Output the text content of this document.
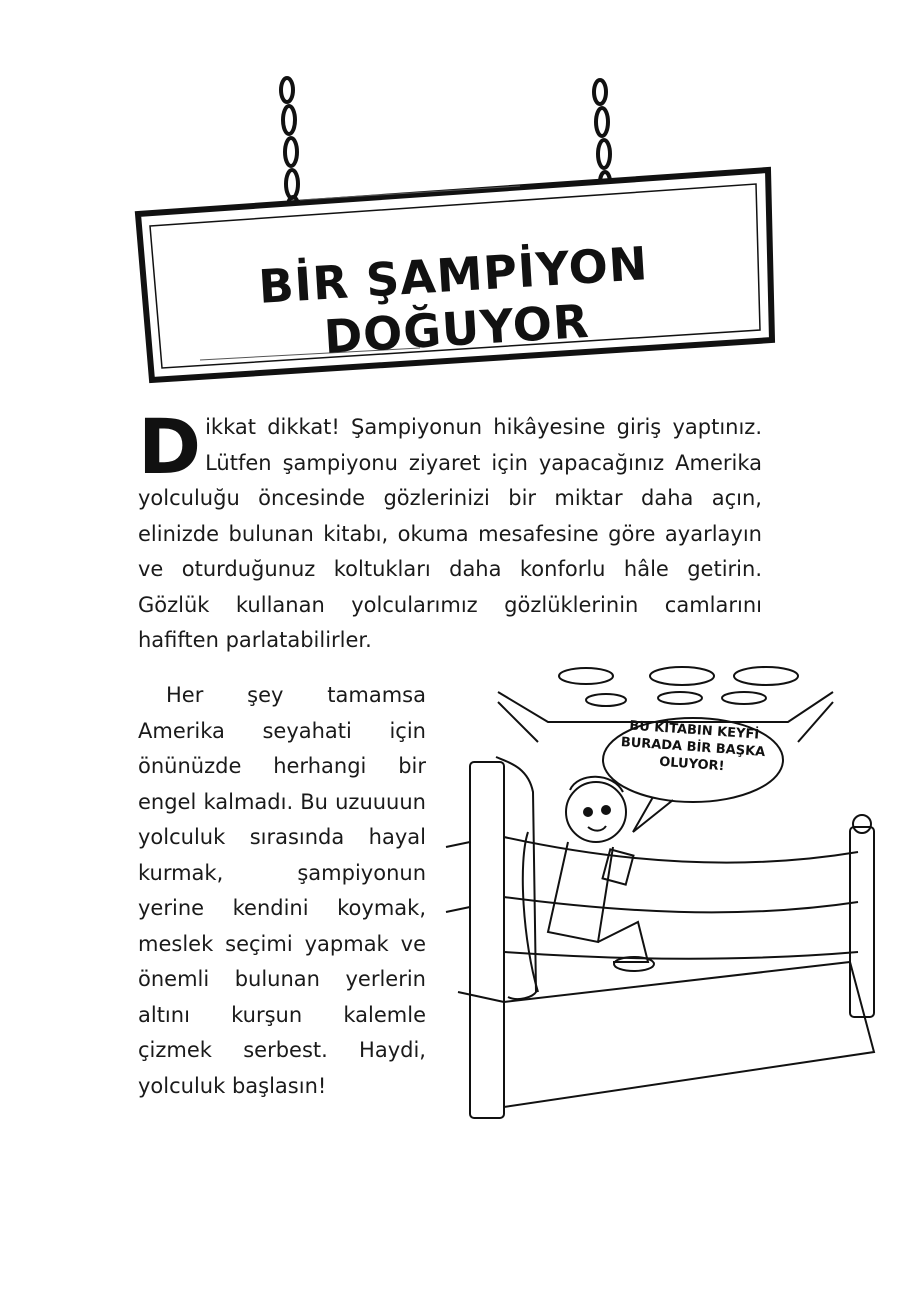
BİR ŞAMPİYON DOĞUYOR

Dikkat dikkat! Şampiyonun hikâyesine giriş yaptınız. Lütfen şampiyonu ziyaret için yapacağınız Amerika yolculuğu öncesinde gözlerinizi bir miktar daha açın, elinizde bulunan kitabı, okuma mesafesine göre ayarlayın ve oturduğunuz koltukları daha konforlu hâle getirin. Gözlük kullanan yolcularımız gözlüklerinin camlarını hafiften parlatabilirler.

Her şey tamamsa Amerika seyahati için önünüzde herhangi bir engel kalmadı. Bu uzuuuun yolculuk sırasında hayal kurmak, şampiyonun yerine kendini koymak, meslek seçimi yapmak ve önemli bulunan yerlerin altını kurşun kalemle çizmek serbest. Haydi, yolculuk başlasın!

BU KİTABIN KEYFİ BURADA BİR BAŞKA OLUYOR!
